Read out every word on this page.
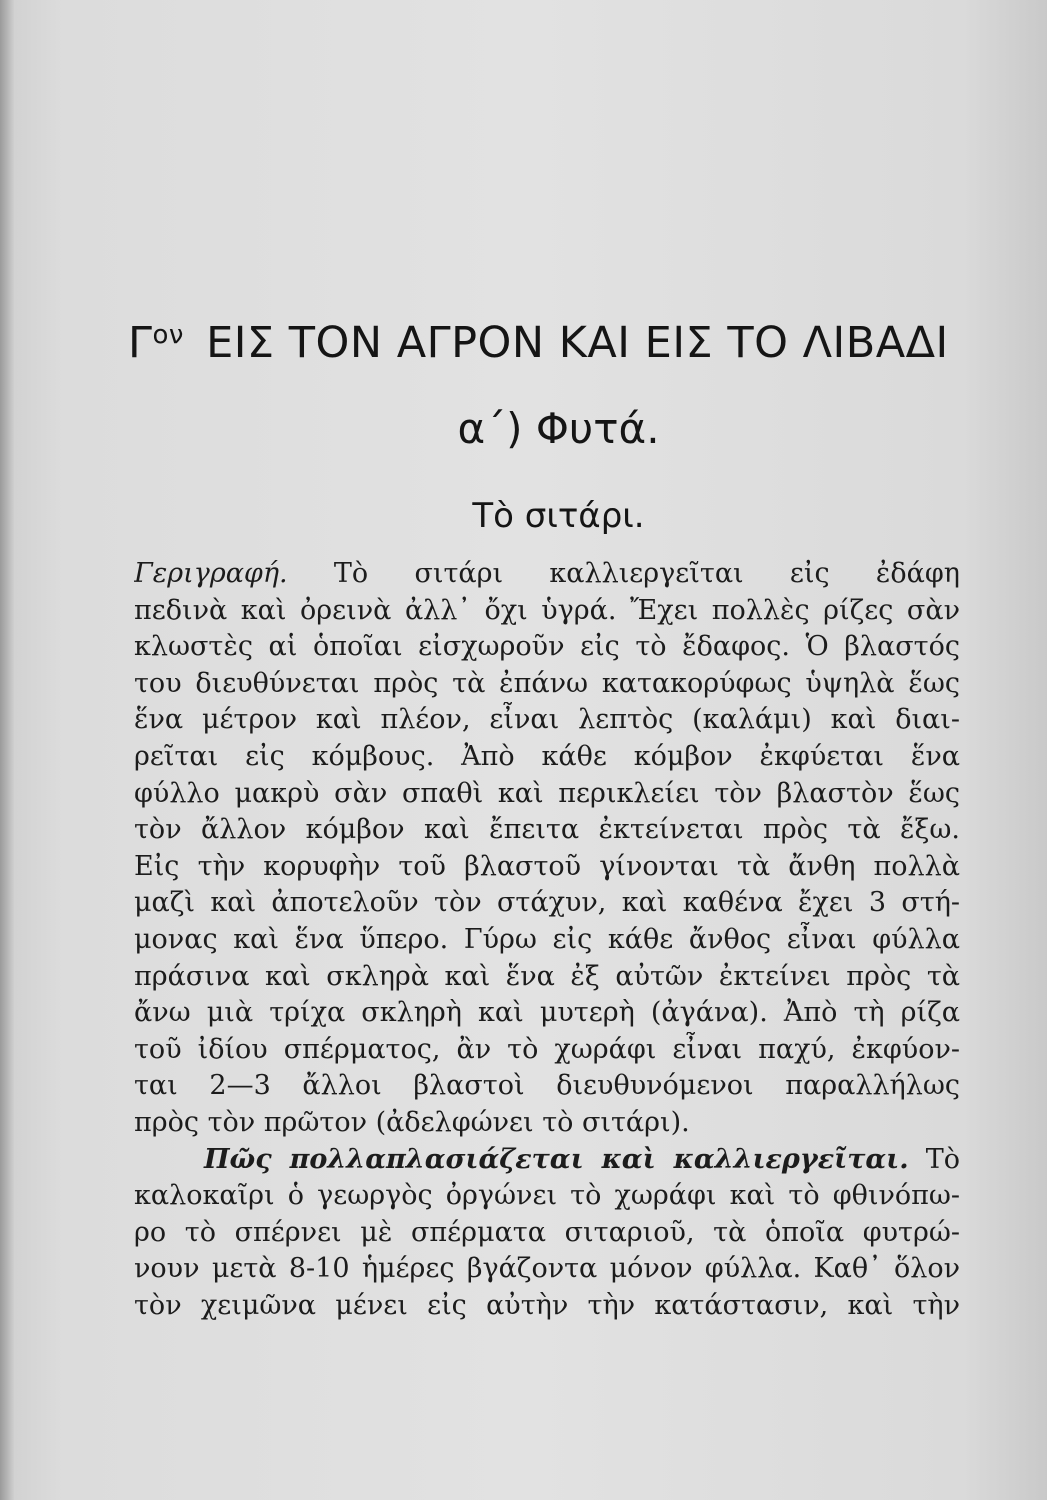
$\Gamma^{o\nu}$ ΕΙΣ ΤΟΝ ΑΓΡΟΝ ΚΑΙ ΕΙΣ ΤΟ ΛΙΒΑΔΙ
α΄) Φυτά.
Τὸ σιτάρι.
Γεριγραφή. Τὸ σιτάρι καλλιεργεῖται εἰς ἐδάφη
πεδινὰ καὶ ὀρεινὰ ἀλλ᾽ ὄχι ὑγρά. Ἔχει πολλὲς ρίζες σὰν
κλωστὲς αἱ ὁποῖαι εἰσχωροῦν εἰς τὸ ἔδαφος. Ὁ βλαστός
του διευθύνεται πρὸς τὰ ἐπάνω κατακορύφως ὑψηλὰ ἕως
ἕνα μέτρον καὶ πλέον, εἶναι λεπτὸς (καλάμι) καὶ διαι-
ρεῖται εἰς κόμβους. Ἀπὸ κάθε κόμβον ἐκφύεται ἕνα
φύλλο μακρὺ σὰν σπαθὶ καὶ περικλείει τὸν βλαστὸν ἕως
τὸν ἄλλον κόμβον καὶ ἔπειτα ἐκτείνεται πρὸς τὰ ἔξω.
Εἰς τὴν κορυφὴν τοῦ βλαστοῦ γίνονται τὰ ἄνθη πολλὰ
μαζὶ καὶ ἀποτελοῦν τὸν στάχυν, καὶ καθένα ἔχει 3 στή-
μονας καὶ ἕνα ὕπερο. Γύρω εἰς κάθε ἄνθος εἶναι φύλλα
πράσινα καὶ σκληρὰ καὶ ἕνα ἐξ αὐτῶν ἐκτείνει πρὸς τὰ
ἄνω μιὰ τρίχα σκληρὴ καὶ μυτερὴ (ἀγάνα). Ἀπὸ τὴ ρίζα
τοῦ ἰδίου σπέρματος, ἂν τὸ χωράφι εἶναι παχύ, ἐκφύον-
ται 2—3 ἄλλοι βλαστοὶ διευθυνόμενοι παραλλήλως
πρὸς τὸν πρῶτον (ἀδελφώνει τὸ σιτάρι).
Πῶς πολλαπλασιάζεται καὶ καλλιεργεῖται. Τὸ
καλοκαῖρι ὁ γεωργὸς ὀργώνει τὸ χωράφι καὶ τὸ φθινόπω-
ρο τὸ σπέρνει μὲ σπέρματα σιταριοῦ, τὰ ὁποῖα φυτρώ-
νουν μετὰ 8-10 ἡμέρες βγάζοντα μόνον φύλλα. Καθ᾽ ὅλον
τὸν χειμῶνα μένει εἰς αὐτὴν τὴν κατάστασιν, καὶ τὴν
